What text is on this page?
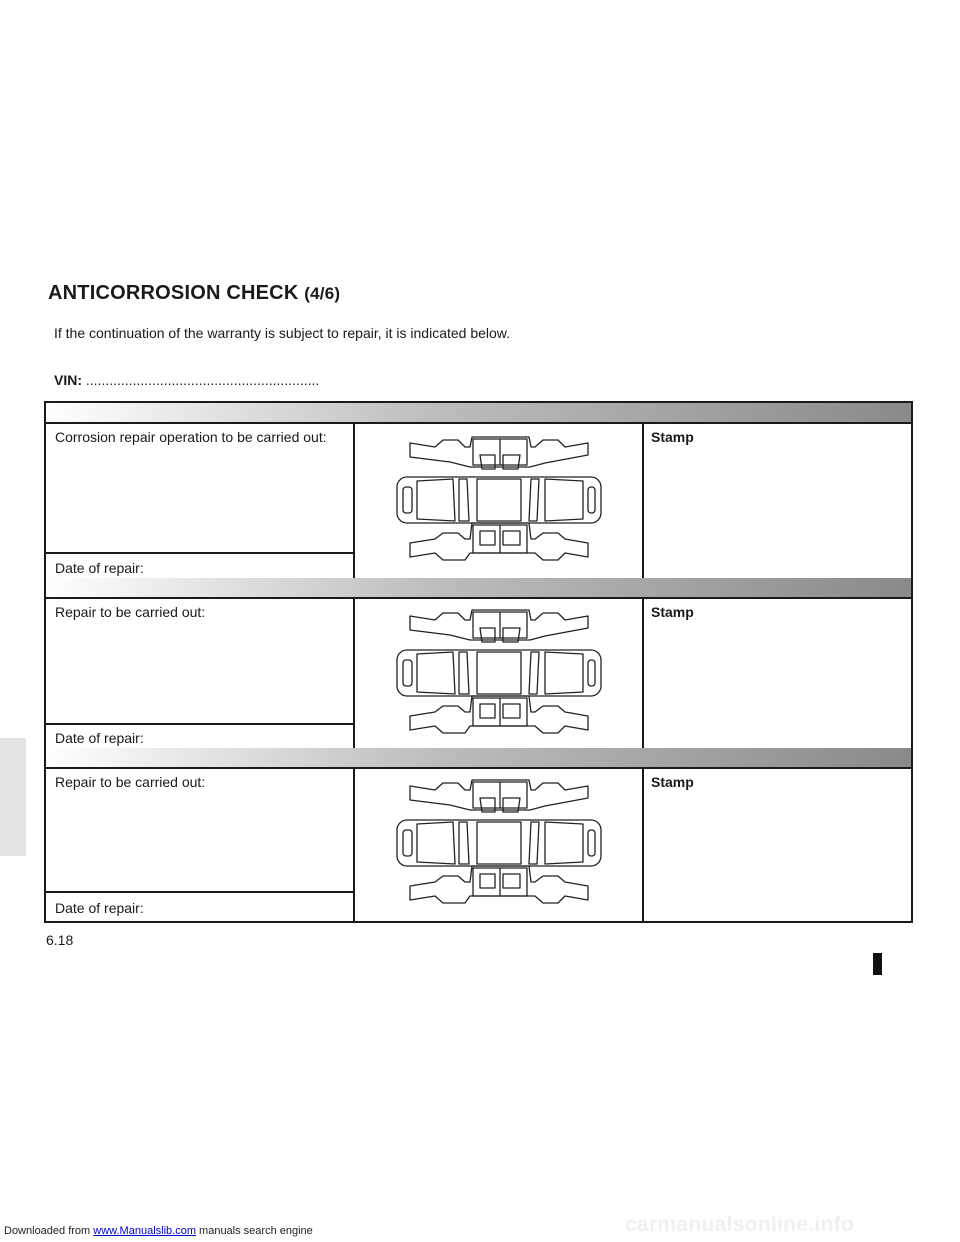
ANTICORROSION CHECK (4/6)
If the continuation of the warranty is subject to repair, it is indicated below.
VIN: ............................................................
Corrosion repair operation to be carried out:
Date of repair:
Stamp
Repair to be carried out:
Date of repair:
Stamp
Repair to be carried out:
Date of repair:
Stamp
6.18
carmanualsonline.info
Downloaded from www.Manualslib.com manuals search engine
